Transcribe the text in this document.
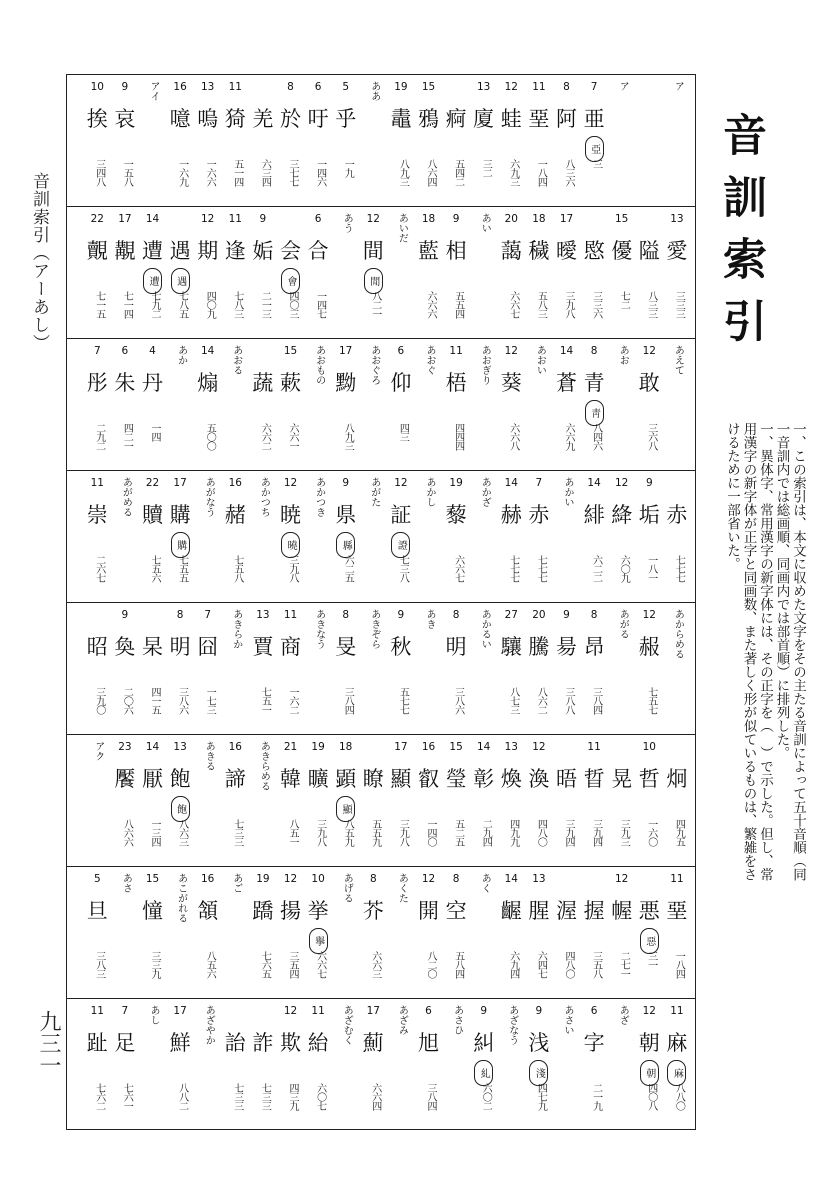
音訓索引（アーあし）
九三一
ア
ア
7
亜
亞
三
8
阿
八三六
11
堊
一八四
12
蛙
六九三
13
廈
三二
痾
五四二
15
鴉
八六四
19
鼃
八九三
ああ
5
乎
一九
6
吁
一四六
8
於
三七七
羌
六三四
11
猗
五一四
13
嗚
一六六
16
噫
一六九
アイ
9
哀
一五八
10
挨
三四八
13
愛
三三三
隘
八三三
15
優
七二
愍
三三六
17
曖
三九八
18
穢
五八三
20
藹
六六七
あい
9
相
五五四
18
藍
六六六
あいだ
12
間
閒
八二一
あう
6
合
一四七
会
會
四〇三
9
姤
二一三
11
逢
七八三
12
期
四〇九
遇
遇
七八五
14
遭
遭
七九二
17
覯
七一四
22
覿
七一五
あえて
12
敢
三六八
あお
8
青
靑
八四六
14
蒼
六六九
あおい
12
葵
六六八
あおぎり
11
梧
四四四
あおぐ
6
仰
四三
あおぐろ
17
黝
八九三
あおもの
15
蔌
六六一
蔬
六六二
あおる
14
煽
五〇〇
あか
4
丹
一四
6
朱
四二一
7
彤
二九二
赤
七七七
9
垢
一八一
12
絳
六〇九
14
緋
六二二
あかい
7
赤
七七七
14
赫
七七七
あかざ
19
藜
六六七
あかし
12
証
證
七三八
あがた
9
県
縣
六二五
あかつき
12
暁
曉
三九八
あかつち
16
赭
七五八
あがなう
17
購
購
七五五
22
贖
七五六
あがめる
11
崇
二六七
あからめる
12
赧
七五七
あがる
8
昂
三八四
9
昜
三八八
20
騰
八六二
27
驤
八七三
あかるい
8
明
三八六
あき
9
秋
五七七
あきぞら
8
旻
三八四
あきなう
11
商
一六二
13
賈
七五一
あきらか
7
囧
一七三
8
明
三八六
杲
四一五
9
奐
二〇六
昭
三九〇
炯
四九五
10
哲
一六〇
晃
三九三
11
晢
三九四
晤
三九四
12
渙
四八〇
13
煥
四九九
14
彰
二九四
15
瑩
五二五
16
叡
一四〇
17
顯
三九八
瞭
五五九
18
顕
顯
八五九
19
曠
三九八
21
韓
八五一
あきらめる
16
諦
七三三
あきる
13
飽
飽
八六三
14
厭
一三四
23
饜
八六六
アク
11
堊
一八四
悪
惡
三一
12
幄
二七一
握
三五八
渥
四八〇
13
腥
六四七
14
齷
六九四
あく
8
空
五八四
12
開
八二〇
あくた
8
芥
六六三
あげる
10
挙
擧
六六七
12
揚
三五四
19
蹻
七六五
あご
16
頷
八五六
あこがれる
15
憧
三三九
あさ
5
旦
三八三
11
麻
麻
八八〇
12
朝
朝
四〇八
あざ
6
字
二一九
あさい
9
浅
淺
四七九
あざなう
9
糾
糺
六〇二
あさひ
6
旭
三八四
あざみ
17
薊
六六四
あざむく
11
紿
六〇七
12
欺
四三九
詐
七三三
詒
七三三
あざやか
17
鮮
八八二
あし
7
足
七六一
11
趾
七六二
音訓索引

一、この索引は、本文に収めた文字をその主たる音訓によって五十音順（同一音訓内では総画順、同画内では部首順）に排列した。

一、異体字、常用漢字の新字体には、その正字を（　）で示した。但し、常用漢字の新字体が正字と同画数、また著しく形が似ているものは、繁雑をさけるために一部省いた。
